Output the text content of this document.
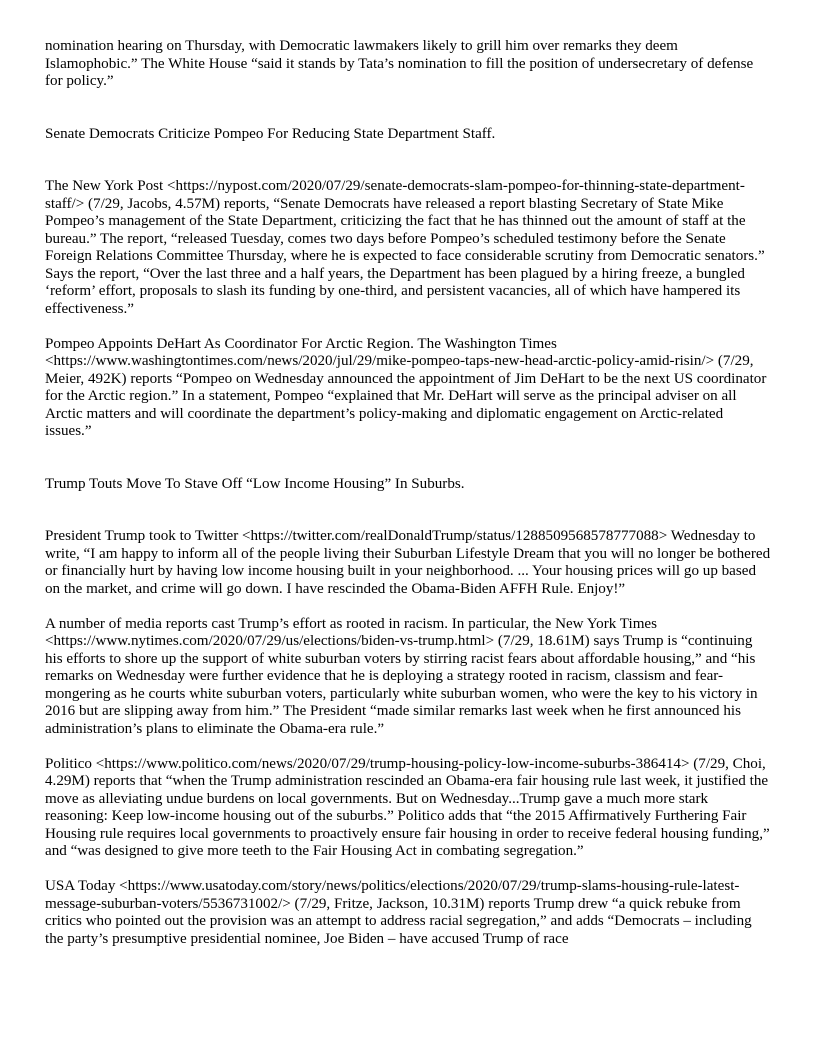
nomination hearing on Thursday, with Democratic lawmakers likely to grill him over remarks they deem Islamophobic.” The White House “said it stands by Tata’s nomination to fill the position of undersecretary of defense for policy.”

Senate Democrats Criticize Pompeo For Reducing State Department Staff.

The New York Post <https://nypost.com/2020/07/29/senate-democrats-slam-pompeo-for-thinning-state-department-staff/> (7/29, Jacobs, 4.57M) reports, “Senate Democrats have released a report blasting Secretary of State Mike Pompeo’s management of the State Department, criticizing the fact that he has thinned out the amount of staff at the bureau.” The report, “released Tuesday, comes two days before Pompeo’s scheduled testimony before the Senate Foreign Relations Committee Thursday, where he is expected to face considerable scrutiny from Democratic senators.” Says the report, “Over the last three and a half years, the Department has been plagued by a hiring freeze, a bungled ‘reform’ effort, proposals to slash its funding by one-third, and persistent vacancies, all of which have hampered its effectiveness.”

Pompeo Appoints DeHart As Coordinator For Arctic Region. The Washington Times <https://www.washingtontimes.com/news/2020/jul/29/mike-pompeo-taps-new-head-arctic-policy-amid-risin/> (7/29, Meier, 492K) reports “Pompeo on Wednesday announced the appointment of Jim DeHart to be the next US coordinator for the Arctic region.” In a statement, Pompeo “explained that Mr. DeHart will serve as the principal adviser on all Arctic matters and will coordinate the department’s policy-making and diplomatic engagement on Arctic-related issues.”

Trump Touts Move To Stave Off “Low Income Housing” In Suburbs.

President Trump took to Twitter <https://twitter.com/realDonaldTrump/status/1288509568578777088> Wednesday to write, “I am happy to inform all of the people living their Suburban Lifestyle Dream that you will no longer be bothered or financially hurt by having low income housing built in your neighborhood. ... Your housing prices will go up based on the market, and crime will go down. I have rescinded the Obama-Biden AFFH Rule. Enjoy!”

A number of media reports cast Trump’s effort as rooted in racism. In particular, the New York Times <https://www.nytimes.com/2020/07/29/us/elections/biden-vs-trump.html> (7/29, 18.61M) says Trump is “continuing his efforts to shore up the support of white suburban voters by stirring racist fears about affordable housing,” and “his remarks on Wednesday were further evidence that he is deploying a strategy rooted in racism, classism and fear-mongering as he courts white suburban voters, particularly white suburban women, who were the key to his victory in 2016 but are slipping away from him.” The President “made similar remarks last week when he first announced his administration’s plans to eliminate the Obama-era rule.”

Politico <https://www.politico.com/news/2020/07/29/trump-housing-policy-low-income-suburbs-386414> (7/29, Choi, 4.29M) reports that “when the Trump administration rescinded an Obama-era fair housing rule last week, it justified the move as alleviating undue burdens on local governments. But on Wednesday...Trump gave a much more stark reasoning: Keep low-income housing out of the suburbs.” Politico adds that “the 2015 Affirmatively Furthering Fair Housing rule requires local governments to proactively ensure fair housing in order to receive federal housing funding,” and “was designed to give more teeth to the Fair Housing Act in combating segregation.”

USA Today <https://www.usatoday.com/story/news/politics/elections/2020/07/29/trump-slams-housing-rule-latest-message-suburban-voters/5536731002/> (7/29, Fritze, Jackson, 10.31M) reports Trump drew “a quick rebuke from critics who pointed out the provision was an attempt to address racial segregation,” and adds “Democrats – including the party’s presumptive presidential nominee, Joe Biden – have accused Trump of race
